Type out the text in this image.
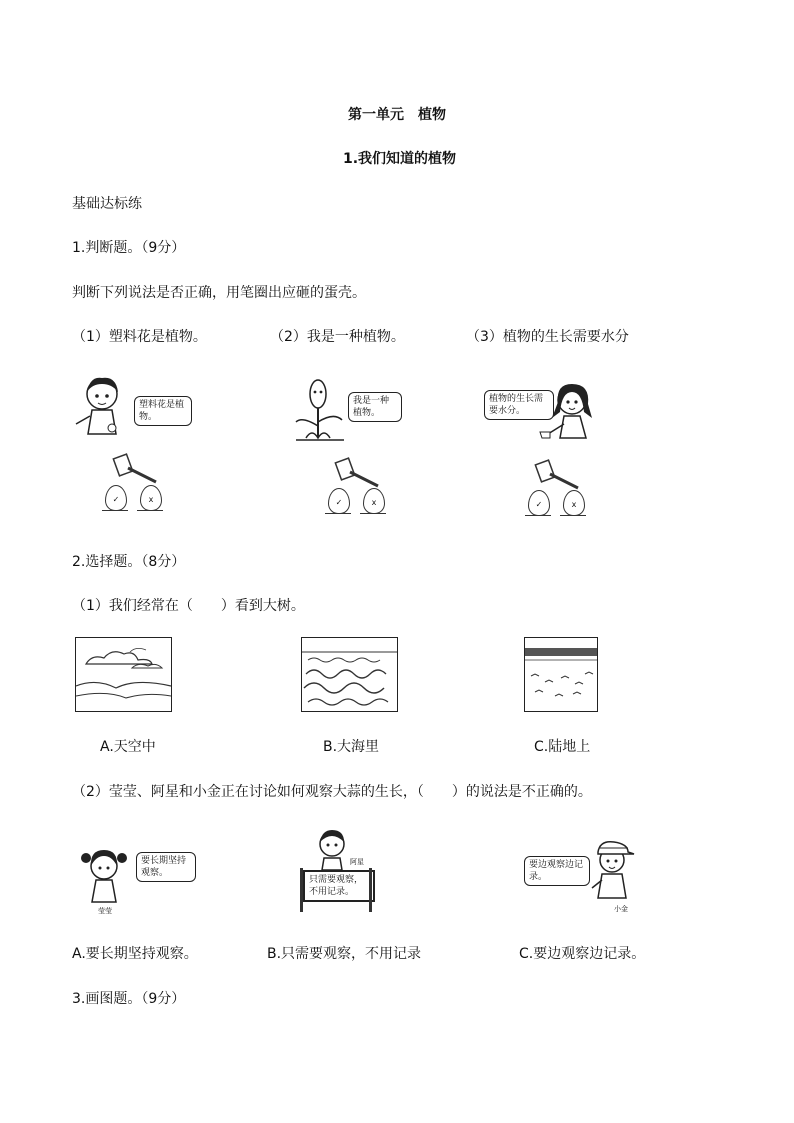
第一单元　植物
1.我们知道的植物
基础达标练
1.判断题。（9分）
判断下列说法是否正确，用笔圈出应砸的蛋壳。
（1）塑料花是植物。	（2）我是一种植物。	（3）植物的生长需要水分
塑料花是植物。
我是一种植物。
植物的生长需要水分。
✓	x	✓	x	✓	x
2.选择题。（8分）
（1）我们经常在（　　）看到大树。
A.天空中	B.大海里	C.陆地上
（2）莹莹、阿星和小金正在讨论如何观察大蒜的生长，（　　）的说法是不正确的。
要长期坚持观察。
莹莹
阿星
只需要观察，不用记录。
要边观察边记录。
小金
A.要长期坚持观察。	B.只需要观察，不用记录	C.要边观察边记录。
3.画图题。（9分）
